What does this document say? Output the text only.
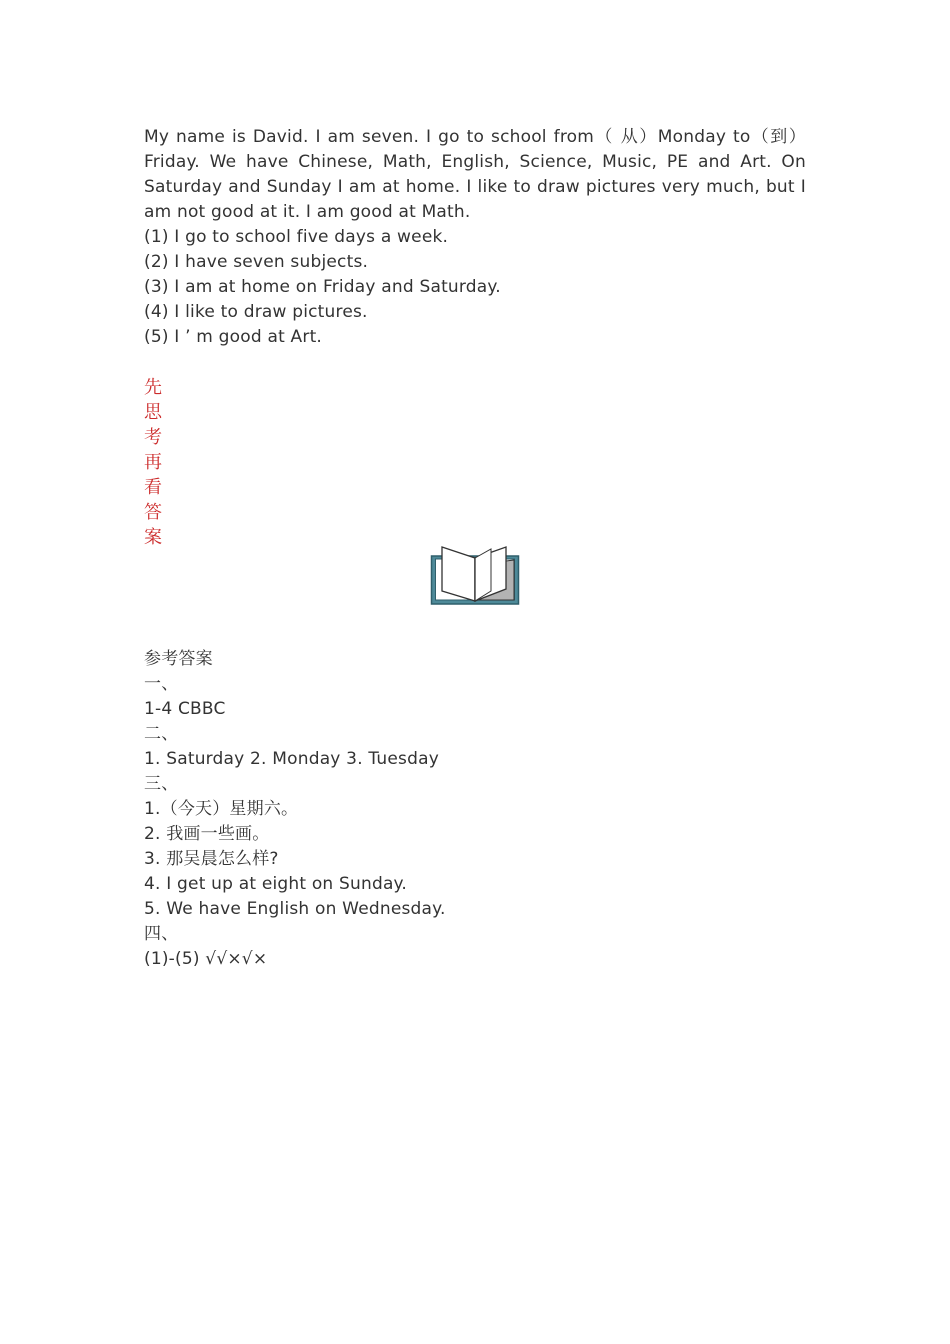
My name is David. I am seven. I go to school from（ 从）Monday to（到）Friday. We have Chinese, Math, English, Science, Music, PE and Art. On Saturday and Sunday I am at home. I like to draw pictures very much, but I am not good at it. I am good at Math.

(1) I go to school five days a week.

(2) I have seven subjects.

(3) I am at home on Friday and Saturday.

(4) I like to draw pictures.

(5) I ’ m good at Art.

先
思
考
再
看
答
案

参考答案

一、

1-4 CBBC

二、

1. Saturday 2. Monday 3. Tuesday

三、

1.（今天）星期六。

2. 我画一些画。

3. 那吴晨怎么样?

4. I get up at eight on Sunday.

5. We have English on Wednesday.

四、

(1)-(5) √√×√×
